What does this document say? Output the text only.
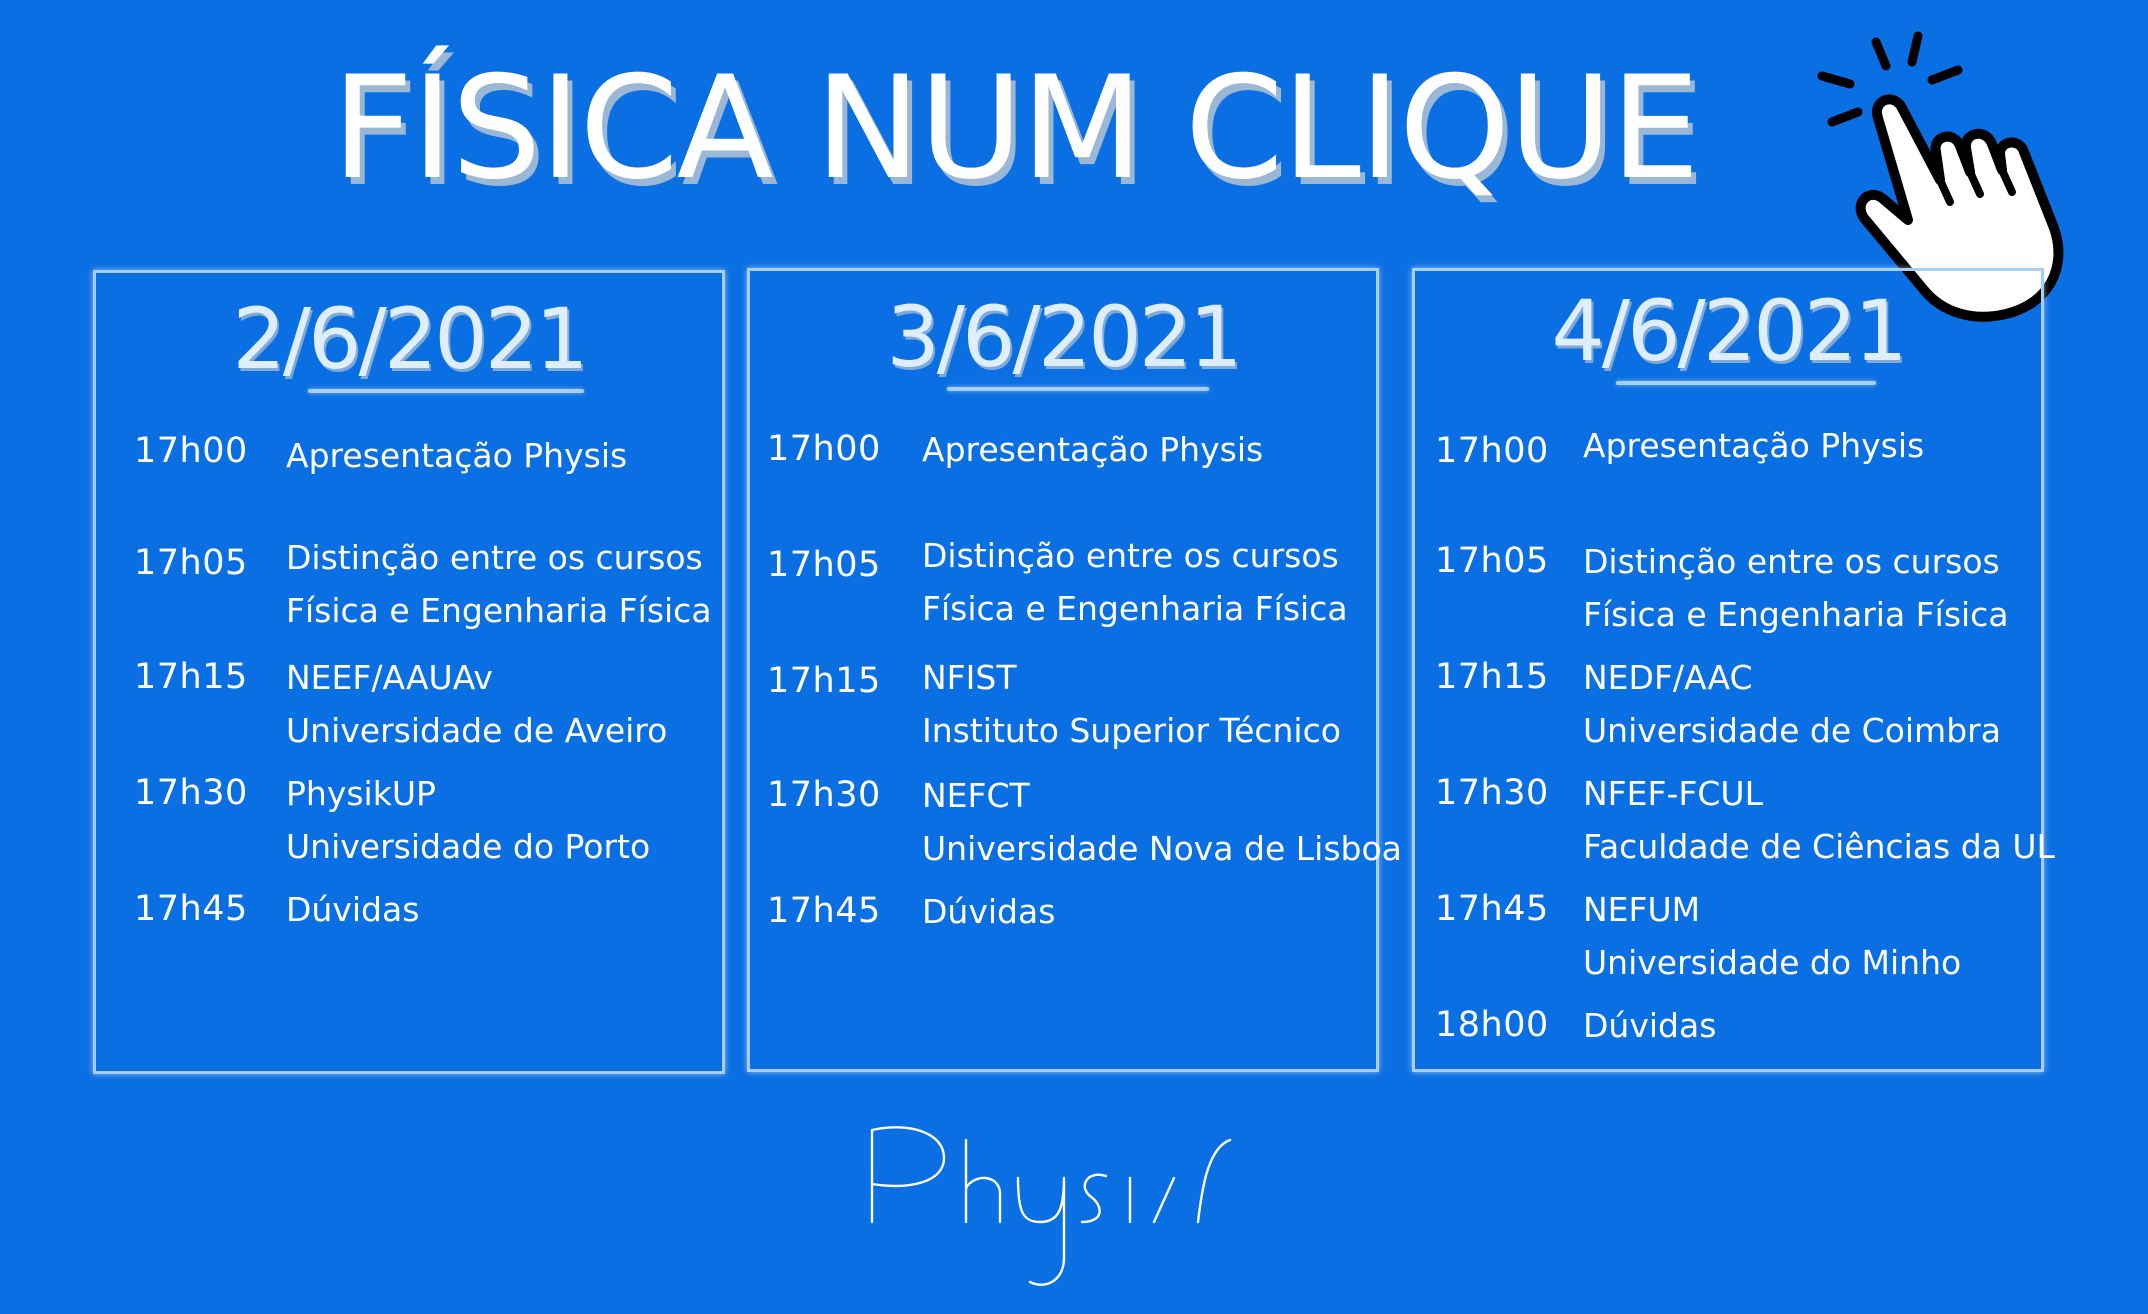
FÍSICA NUM CLIQUE
2/6/2021
17h00 Apresentação Physis
17h05 Distinção entre os cursos
Física e Engenharia Física
17h15 NEEF/AAUAv
Universidade de Aveiro
17h30 PhysikUP
Universidade do Porto
17h45 Dúvidas
3/6/2021
17h00 Apresentação Physis
17h05 Distinção entre os cursos
Física e Engenharia Física
17h15 NFIST
Instituto Superior Técnico
17h30 NEFCT
Universidade Nova de Lisboa
17h45 Dúvidas
4/6/2021
17h00 Apresentação Physis
17h05 Distinção entre os cursos
Física e Engenharia Física
17h15 NEDF/AAC
Universidade de Coimbra
17h30 NFEF-FCUL
Faculdade de Ciências da UL
17h45 NEFUM
Universidade do Minho
18h00 Dúvidas
